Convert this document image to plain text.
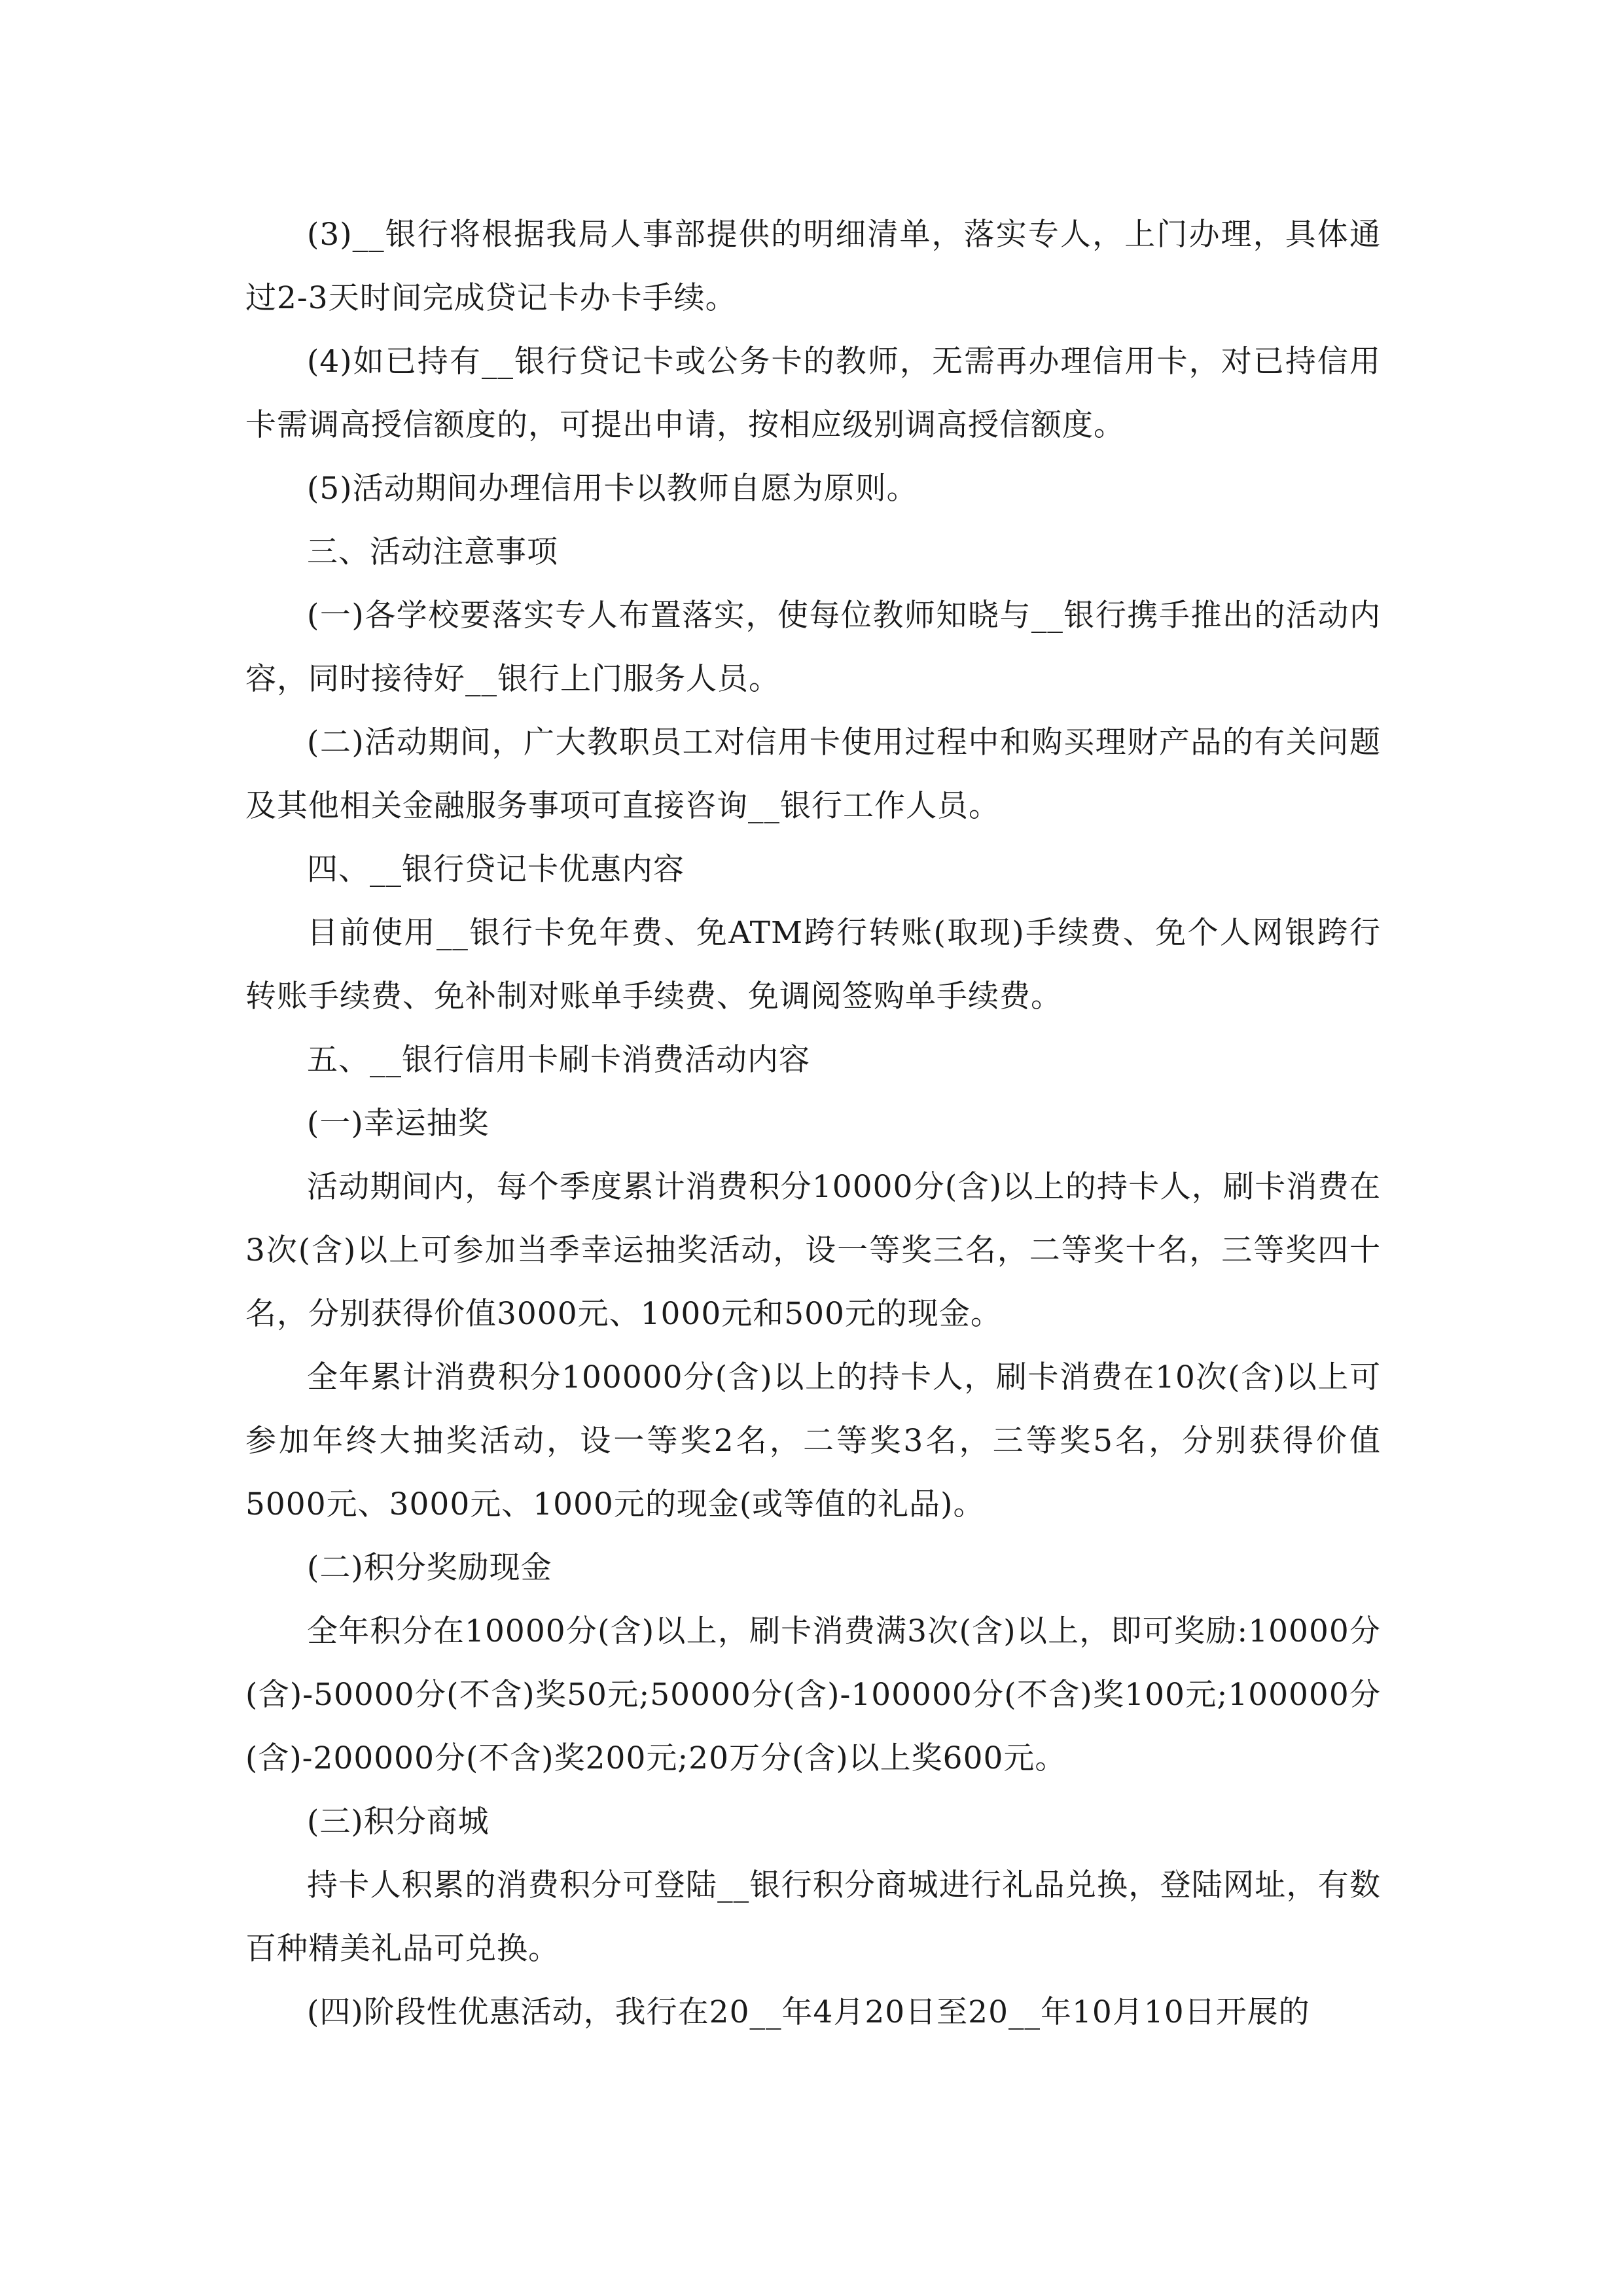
(3)__银行将根据我局人事部提供的明细清单，落实专人，上门办理，具体通过2-3天时间完成贷记卡办卡手续。

(4)如已持有__银行贷记卡或公务卡的教师，无需再办理信用卡，对已持信用卡需调高授信额度的，可提出申请，按相应级别调高授信额度。

(5)活动期间办理信用卡以教师自愿为原则。

三、活动注意事项

(一)各学校要落实专人布置落实，使每位教师知晓与__银行携手推出的活动内容，同时接待好__银行上门服务人员。

(二)活动期间，广大教职员工对信用卡使用过程中和购买理财产品的有关问题及其他相关金融服务事项可直接咨询__银行工作人员。

四、__银行贷记卡优惠内容

目前使用__银行卡免年费、免ATM跨行转账(取现)手续费、免个人网银跨行转账手续费、免补制对账单手续费、免调阅签购单手续费。

五、__银行信用卡刷卡消费活动内容

(一)幸运抽奖

活动期间内，每个季度累计消费积分10000分(含)以上的持卡人，刷卡消费在3次(含)以上可参加当季幸运抽奖活动，设一等奖三名，二等奖十名，三等奖四十名，分别获得价值3000元、1000元和500元的现金。

全年累计消费积分100000分(含)以上的持卡人，刷卡消费在10次(含)以上可参加年终大抽奖活动，设一等奖2名，二等奖3名，三等奖5名，分别获得价值5000元、3000元、1000元的现金(或等值的礼品)。

(二)积分奖励现金

全年积分在10000分(含)以上，刷卡消费满3次(含)以上，即可奖励:10000分(含)-50000分(不含)奖50元;50000分(含)-100000分(不含)奖100元;100000分(含)-200000分(不含)奖200元;20万分(含)以上奖600元。

(三)积分商城

持卡人积累的消费积分可登陆__银行积分商城进行礼品兑换，登陆网址，有数百种精美礼品可兑换。

(四)阶段性优惠活动，我行在20__年4月20日至20__年10月10日开展的
